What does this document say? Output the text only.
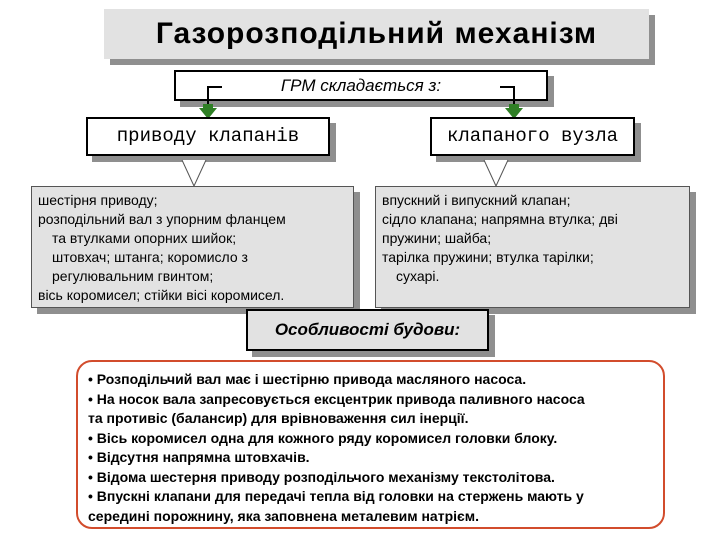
Газорозподільний механізм
ГРМ складається з:
приводу клапанів	клапаного вузла
шестірня приводу;
розподільний вал з упорним фланцем
та втулками опорних шийок;
штовхач; штанга; коромисло з
регулювальним гвинтом;
вісь коромисел; стійки вісі коромисел.
впускний і випускний клапан;
сідло клапана; напрямна втулка; дві
пружини; шайба;
тарілка пружини; втулка тарілки;
сухарі.
Особливості будови:
• Розподільчий вал має і шестірню привода масляного насоса.
• На носок вала запресовується ексцентрик привода паливного насоса
та противіс (балансир) для врівноваження сил інерції.
• Вісь коромисел одна для кожного ряду коромисел головки блоку.
• Відсутня напрямна штовхачів.
• Відома шестерня приводу розподільчого механізму текстолітова.
• Впускні клапани для передачі тепла від головки на стержень мають у
серединi порожнину, яка заповнена металевим натрієм.
